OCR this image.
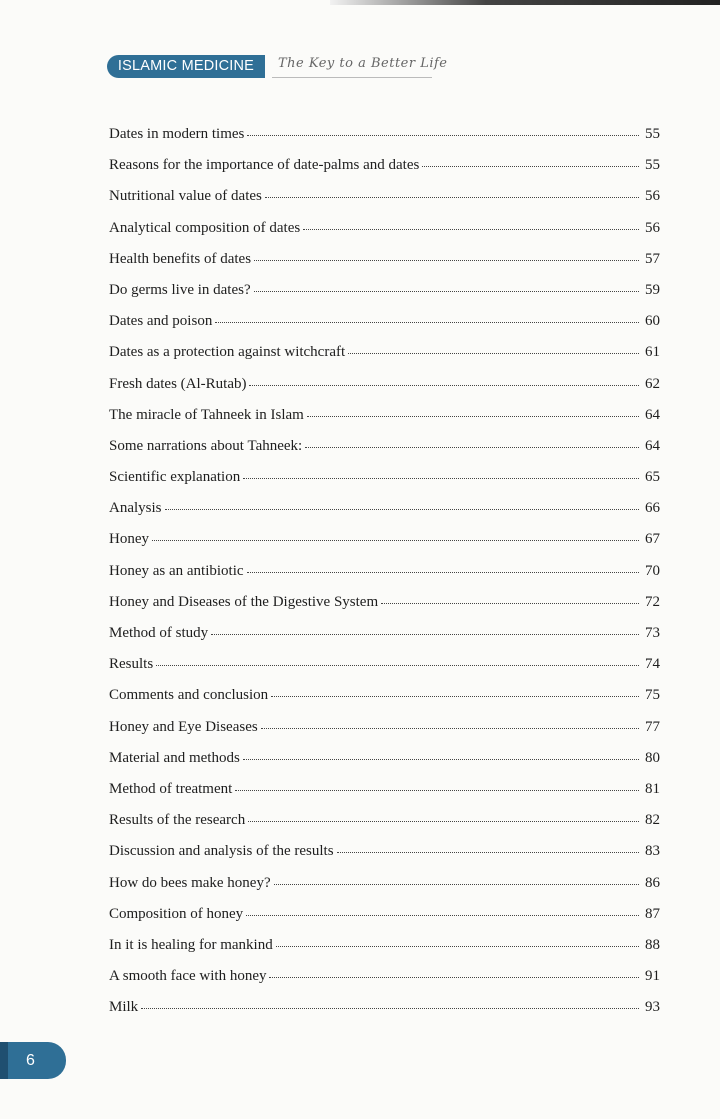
ISLAMIC MEDICINE	The Key to a Better Life
Dates in modern times	55
Reasons for the importance of date-palms and dates	55
Nutritional value of dates	56
Analytical composition of dates	56
Health benefits of dates	57
Do germs live in dates?	59
Dates and poison	60
Dates as a protection against witchcraft	61
Fresh dates (Al-Rutab)	62
The miracle of Tahneek in Islam	64
Some narrations about Tahneek:	64
Scientific explanation	65
Analysis	66
Honey	67
Honey as an antibiotic	70
Honey and Diseases of the Digestive System	72
Method of study	73
Results	74
Comments and conclusion	75
Honey and Eye Diseases	77
Material and methods	80
Method of treatment	81
Results of the research	82
Discussion and analysis of the results	83
How do bees make honey?	86
Composition of honey	87
In it is healing for mankind	88
A smooth face with honey	91
Milk	93
6
